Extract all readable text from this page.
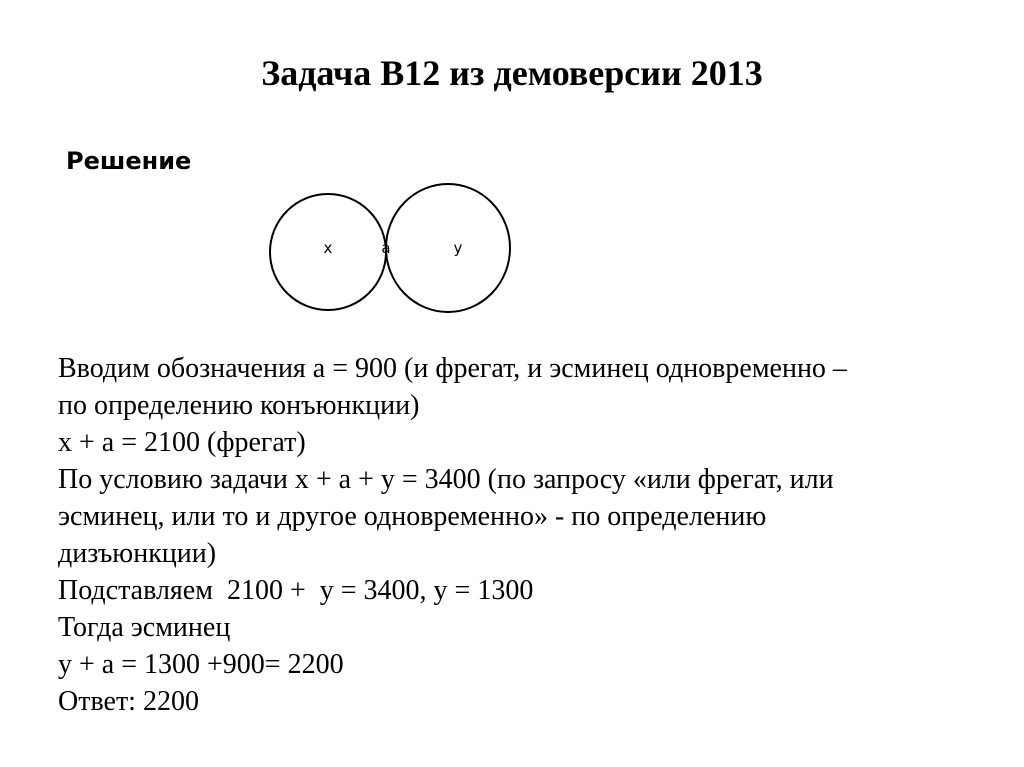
Задача В12 из демоверсии 2013
Решение
x	a	y
Вводим обозначения a = 900 (и фрегат, и эсминец одновременно –
по определению конъюнкции)
x + a = 2100 (фрегат)
По условию задачи x + a + y = 3400 (по запросу «или фрегат, или
эсминец, или то и другое одновременно» - по определению
дизъюнкции)
Подставляем  2100 +  y = 3400, y = 1300
Тогда эсминец
y + a = 1300 +900= 2200
Ответ: 2200
